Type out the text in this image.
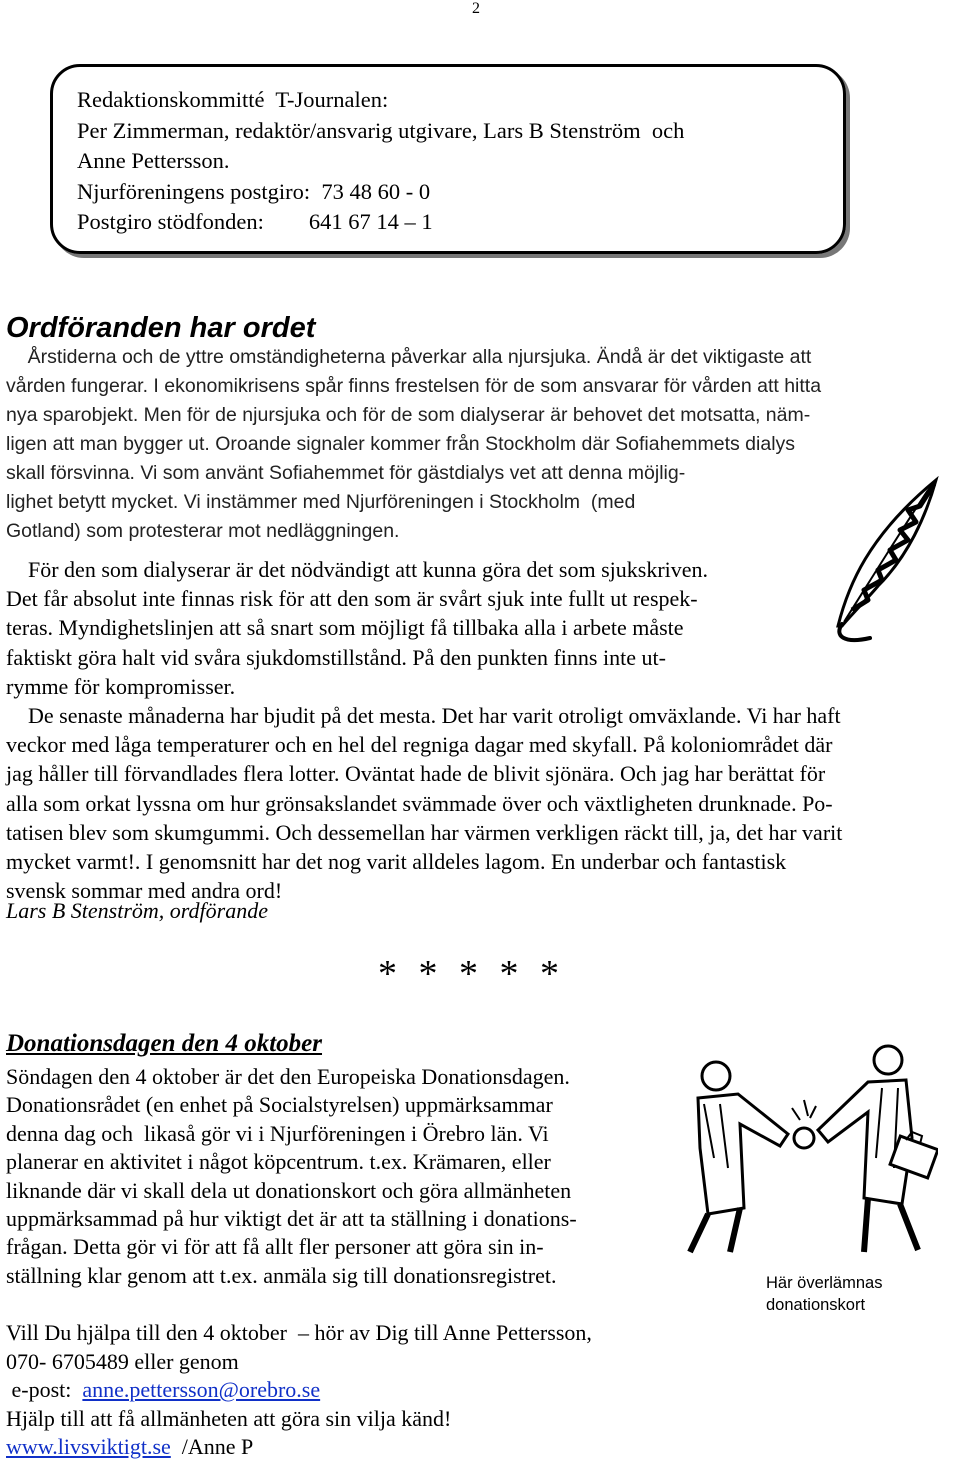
2
Redaktionskommitté  T-Journalen:
Per Zimmerman, redaktör/ansvarig utgivare, Lars B Stenström  och
Anne Pettersson.
Njurföreningens postgiro:  73 48 60 - 0
Postgiro stödfonden:        641 67 14 – 1
Ordföranden har ordet
Årstiderna och de yttre omständigheterna påverkar alla njursjuka. Ändå är det viktigaste att
vården fungerar. I ekonomikrisens spår finns frestelsen för de som ansvarar för vården att hitta
nya sparobjekt. Men för de njursjuka och för de som dialyserar är behovet det motsatta, näm-
ligen att man bygger ut. Oroande signaler kommer från Stockholm där Sofiahemmets dialys
skall försvinna. Vi som använt Sofiahemmet för gästdialys vet att denna möjlig-
lighet betytt mycket. Vi instämmer med Njurföreningen i Stockholm  (med
Gotland) som protesterar mot nedläggningen.
För den som dialyserar är det nödvändigt att kunna göra det som sjukskriven.
Det får absolut inte finnas risk för att den som är svårt sjuk inte fullt ut respek-
teras. Myndighetslinjen att så snart som möjligt få tillbaka alla i arbete måste
faktiskt göra halt vid svåra sjukdomstillstånd. På den punkten finns inte ut-
rymme för kompromisser.
De senaste månaderna har bjudit på det mesta. Det har varit otroligt omväxlande. Vi har haft
veckor med låga temperaturer och en hel del regniga dagar med skyfall. På koloniområdet där
jag håller till förvandlades flera lotter. Oväntat hade de blivit sjönära. Och jag har berättat för
alla som orkat lyssna om hur grönsakslandet svämmade över och växtligheten drunknade. Po-
tatisen blev som skumgummi. Och dessemellan har värmen verkligen räckt till, ja, det har varit
mycket varmt!. I genomsnitt har det nog varit alldeles lagom. En underbar och fantastisk
svensk sommar med andra ord!
Lars B Stenström, ordförande
* * * * *
Donationsdagen den 4 oktober
Söndagen den 4 oktober är det den Europeiska Donationsdagen.
Donationsrådet (en enhet på Socialstyrelsen) uppmärksammar
denna dag och  likaså gör vi i Njurföreningen i Örebro län. Vi
planerar en aktivitet i något köpcentrum. t.ex. Krämaren, eller
liknande där vi skall dela ut donationskort och göra allmänheten
uppmärksammad på hur viktigt det är att ta ställning i donations-
frågan. Detta gör vi för att få allt fler personer att göra sin in-
ställning klar genom att t.ex. anmäla sig till donationsregistret.	Här överlämnas
donationskort
Vill Du hjälpa till den 4 oktober  – hör av Dig till Anne Pettersson,
070- 6705489 eller genom
e-post:  anne.pettersson@orebro.se
Hjälp till att få allmänheten att göra sin vilja känd!
www.livsviktigt.se  /Anne P
